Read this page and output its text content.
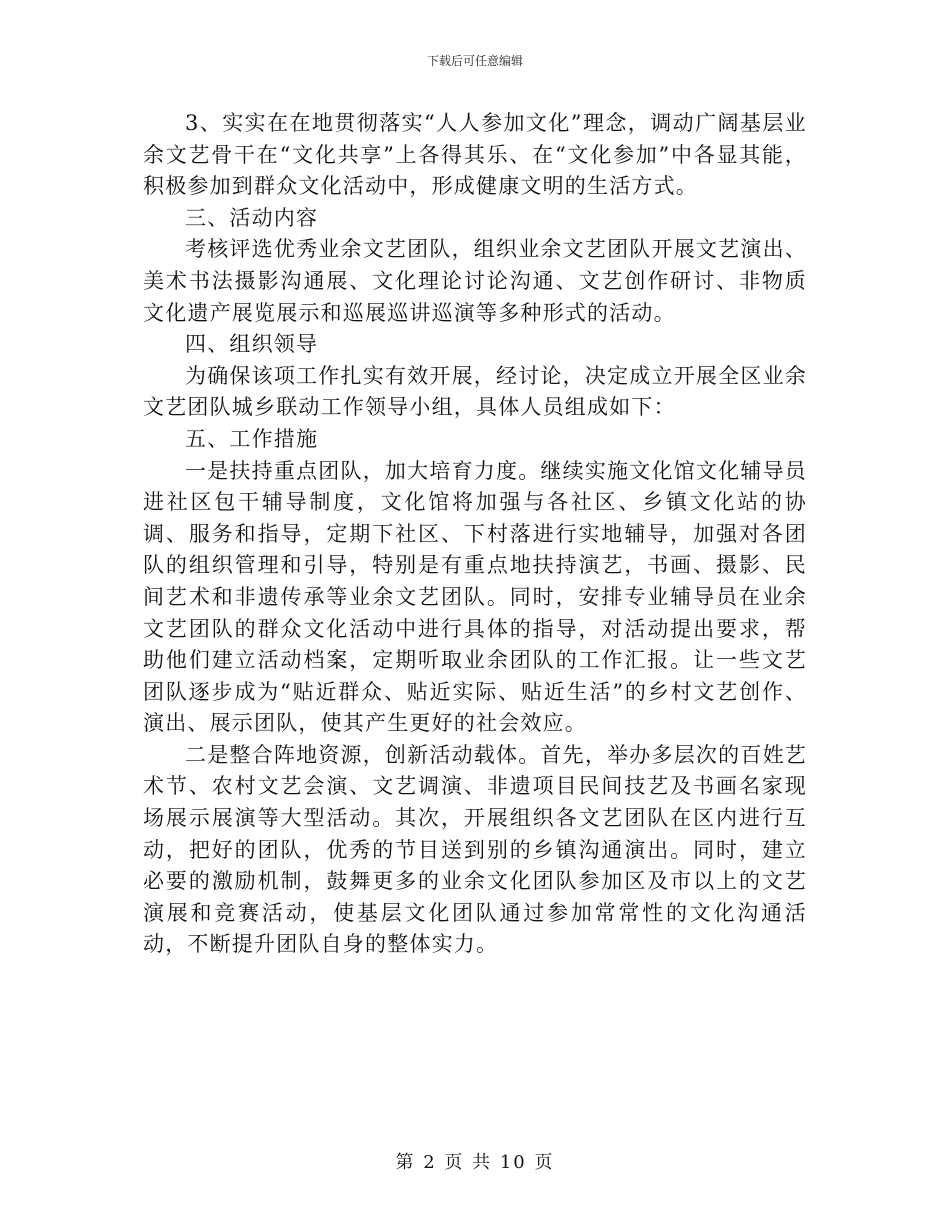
下载后可任意编辑

3、实实在在地贯彻落实“人人参加文化”理念，调动广阔基层业余文艺骨干在“文化共享”上各得其乐、在“文化参加”中各显其能，积极参加到群众文化活动中，形成健康文明的生活方式。

三、活动内容

考核评选优秀业余文艺团队，组织业余文艺团队开展文艺演出、美术书法摄影沟通展、文化理论讨论沟通、文艺创作研讨、非物质文化遗产展览展示和巡展巡讲巡演等多种形式的活动。

四、组织领导

为确保该项工作扎实有效开展，经讨论，决定成立开展全区业余文艺团队城乡联动工作领导小组，具体人员组成如下：

五、工作措施

一是扶持重点团队，加大培育力度。继续实施文化馆文化辅导员进社区包干辅导制度，文化馆将加强与各社区、乡镇文化站的协调、服务和指导，定期下社区、下村落进行实地辅导，加强对各团队的组织管理和引导，特别是有重点地扶持演艺，书画、摄影、民间艺术和非遗传承等业余文艺团队。同时，安排专业辅导员在业余文艺团队的群众文化活动中进行具体的指导，对活动提出要求，帮助他们建立活动档案，定期听取业余团队的工作汇报。让一些文艺团队逐步成为“贴近群众、贴近实际、贴近生活”的乡村文艺创作、演出、展示团队，使其产生更好的社会效应。

二是整合阵地资源，创新活动载体。首先，举办多层次的百姓艺术节、农村文艺会演、文艺调演、非遗项目民间技艺及书画名家现场展示展演等大型活动。其次，开展组织各文艺团队在区内进行互动，把好的团队，优秀的节目送到别的乡镇沟通演出。同时，建立必要的激励机制，鼓舞更多的业余文化团队参加区及市以上的文艺演展和竞赛活动，使基层文化团队通过参加常常性的文化沟通活动，不断提升团队自身的整体实力。

第 2 页 共 10 页
